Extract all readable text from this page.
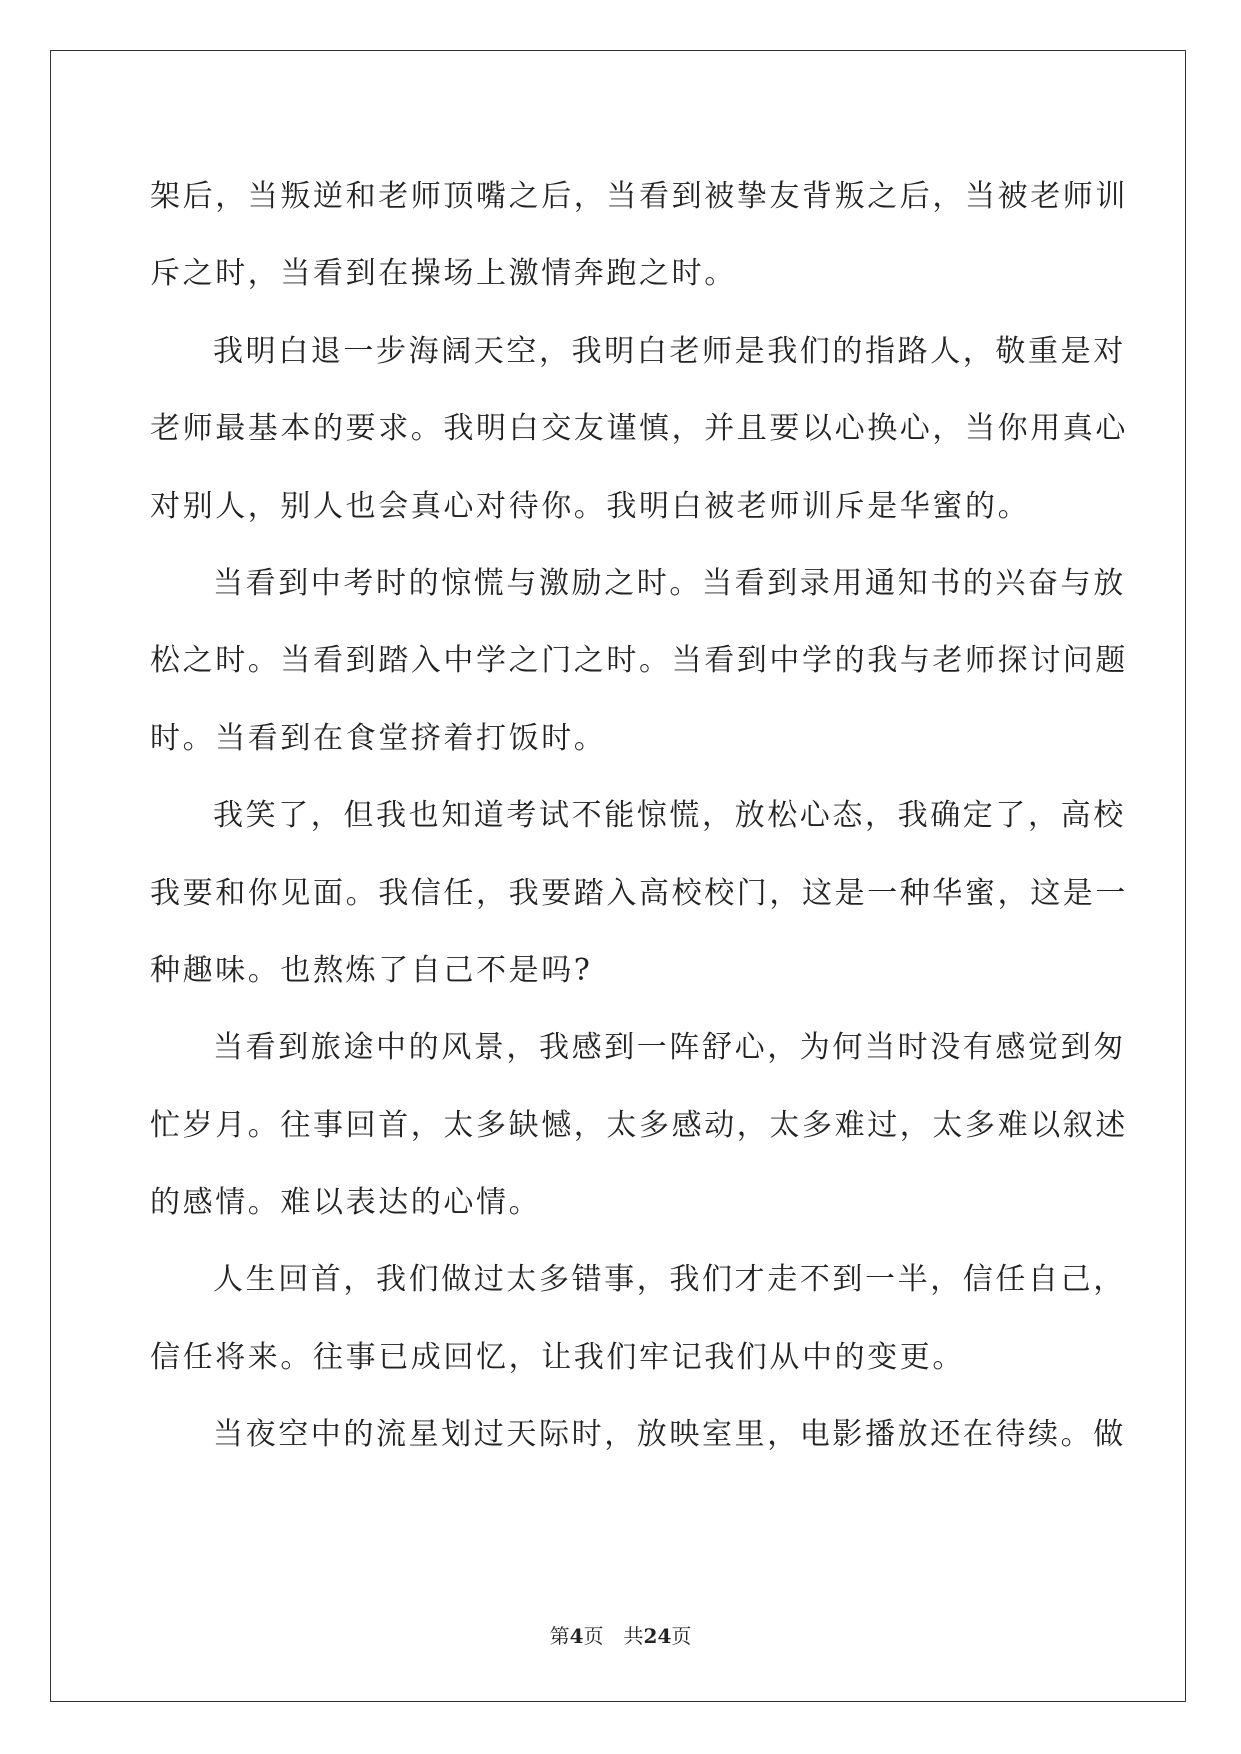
架后，当叛逆和老师顶嘴之后，当看到被挚友背叛之后，当被老师训
斥之时，当看到在操场上激情奔跑之时。
我明白退一步海阔天空，我明白老师是我们的指路人，敬重是对
老师最基本的要求。我明白交友谨慎，并且要以心换心，当你用真心
对别人，别人也会真心对待你。我明白被老师训斥是华蜜的。
当看到中考时的惊慌与激励之时。当看到录用通知书的兴奋与放
松之时。当看到踏入中学之门之时。当看到中学的我与老师探讨问题
时。当看到在食堂挤着打饭时。
我笑了，但我也知道考试不能惊慌，放松心态，我确定了，高校
我要和你见面。我信任，我要踏入高校校门，这是一种华蜜，这是一
种趣味。也熬炼了自己不是吗?
当看到旅途中的风景，我感到一阵舒心，为何当时没有感觉到匆
忙岁月。往事回首，太多缺憾，太多感动，太多难过，太多难以叙述
的感情。难以表达的心情。
人生回首，我们做过太多错事，我们才走不到一半，信任自己，
信任将来。往事已成回忆，让我们牢记我们从中的变更。
当夜空中的流星划过天际时，放映室里，电影播放还在待续。做
第4页　共24页
